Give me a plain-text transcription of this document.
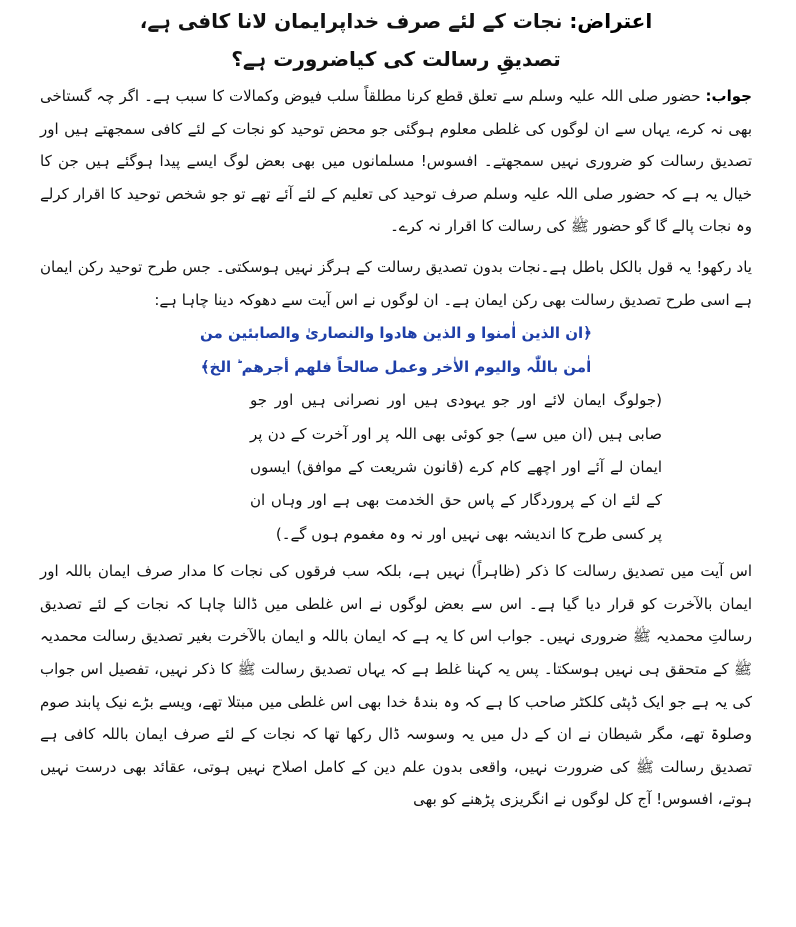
اعتراض: نجات کے لئے صرف خداپرایمان لانا کافی ہے،
تصدیقِ رسالت کی کیاضرورت ہے؟

جواب: حضور صلی اللہ علیہ وسلم سے تعلق قطع کرنا مطلقاً سلب فیوض وکمالات کا سبب ہے۔ اگر چہ گستاخی بھی نہ کرے، یہاں سے ان لوگوں کی غلطی معلوم ہوگئی جو محض توحید کو نجات کے لئے کافی سمجھتے ہیں اور تصدیق رسالت کو ضروری نہیں سمجھتے۔ افسوس! مسلمانوں میں بھی بعض لوگ ایسے پیدا ہوگئے ہیں جن کا خیال یہ ہے کہ حضور صلی اللہ علیہ وسلم صرف توحید کی تعلیم کے لئے آئے تھے تو جو شخص توحید کا اقرار کرلے وہ نجات پالے گا گو حضور ﷺ کی رسالت کا اقرار نہ کرے۔

یاد رکھو! یہ قول بالکل باطل ہے۔نجات بدون تصدیق رسالت کے ہرگز نہیں ہوسکتی۔ جس طرح توحید رکن ایمان ہے اسی طرح تصدیق رسالت بھی رکن ایمان ہے۔ ان لوگوں نے اس آیت سے دھوکہ دینا چاہا ہے:

﴿ان الذین اٰمنوا و الذین ھادوا والنصاریٰ والصابئین من

اٰمن باللّٰہ والیوم الاٰخر وعمل صالحاً فلھم أجرھم ؕ الخ﴾

(جولوگ ایمان لائے اور جو یہودی ہیں اور نصرانی ہیں اور جو صابی ہیں (ان میں سے) جو کوئی بھی اللہ پر اور آخرت کے دن پر ایمان لے آئے اور اچھے کام کرے (قانون شریعت کے موافق) ایسوں کے لئے ان کے پروردگار کے پاس حق الخدمت بھی ہے اور وہاں ان پر کسی طرح کا اندیشہ بھی نہیں اور نہ وہ مغموم ہوں گے۔)

اس آیت میں تصدیق رسالت کا ذکر (ظاہراً) نہیں ہے، بلکہ سب فرقوں کی نجات کا مدار صرف ایمان باللہ اور ایمان بالآخرت کو قرار دیا گیا ہے۔ اس سے بعض لوگوں نے اس غلطی میں ڈالنا چاہا کہ نجات کے لئے تصدیق رسالتِ محمدیہ ﷺ ضروری نہیں۔ جواب اس کا یہ ہے کہ ایمان باللہ و ایمان بالآخرت بغیر تصدیق رسالت محمدیہ ﷺ کے متحقق ہی نہیں ہوسکتا۔ پس یہ کہنا غلط ہے کہ یہاں تصدیق رسالت ﷺ کا ذکر نہیں، تفصیل اس جواب کی یہ ہے جو ایک ڈپٹی کلکٹر صاحب کا ہے کہ وہ بندۂ خدا بھی اس غلطی میں مبتلا تھے، ویسے بڑے نیک پابند صوم وصلوۃ تھے، مگر شیطان نے ان کے دل میں یہ وسوسہ ڈال رکھا تھا کہ نجات کے لئے صرف ایمان باللہ کافی ہے تصدیق رسالت ﷺ کی ضرورت نہیں، واقعی بدون علم دین کے کامل اصلاح نہیں ہوتی، عقائد بھی درست نہیں ہوتے، افسوس! آج کل لوگوں نے انگریزی پڑھنے کو بھی
